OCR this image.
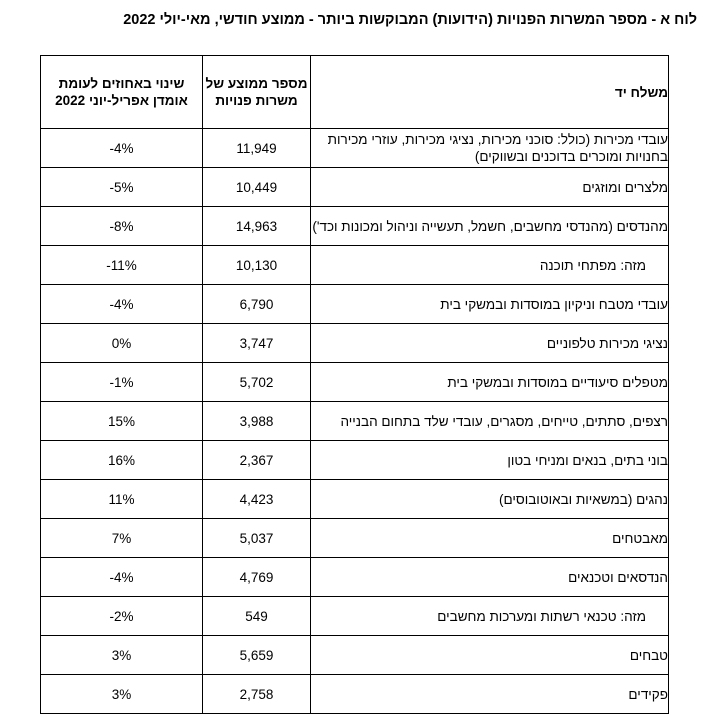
לוח א - מספר המשרות הפנויות (הידועות) המבוקשות ביותר - ממוצע חודשי, מאי-יולי 2022
משלח יד	מספר ממוצע של משרות פנויות	שינוי באחוזים לעומת אומדן אפריל-יוני 2022
עובדי מכירות (כולל: סוכני מכירות, נציגי מכירות, עוזרי מכירות בחנויות ומוכרים בדוכנים ובשווקים)	11,949	-4%
מלצרים ומוזגים	10,449	-5%
מהנדסים (מהנדסי מחשבים, חשמל, תעשייה וניהול ומכונות וכד')	14,963	-8%
מזה: מפתחי תוכנה	10,130	-11%
עובדי מטבח וניקיון במוסדות ובמשקי בית	6,790	-4%
נציגי מכירות טלפוניים	3,747	0%
מטפלים סיעודיים במוסדות ובמשקי בית	5,702	-1%
רצפים, סתתים, טייחים, מסגרים, עובדי שלד בתחום הבנייה	3,988	15%
בוני בתים, בנאים ומניחי בטון	2,367	16%
נהגים (במשאיות ובאוטובוסים)	4,423	11%
מאבטחים	5,037	7%
הנדסאים וטכנאים	4,769	-4%
מזה: טכנאי רשתות ומערכות מחשבים	549	-2%
טבחים	5,659	3%
פקידים	2,758	3%
